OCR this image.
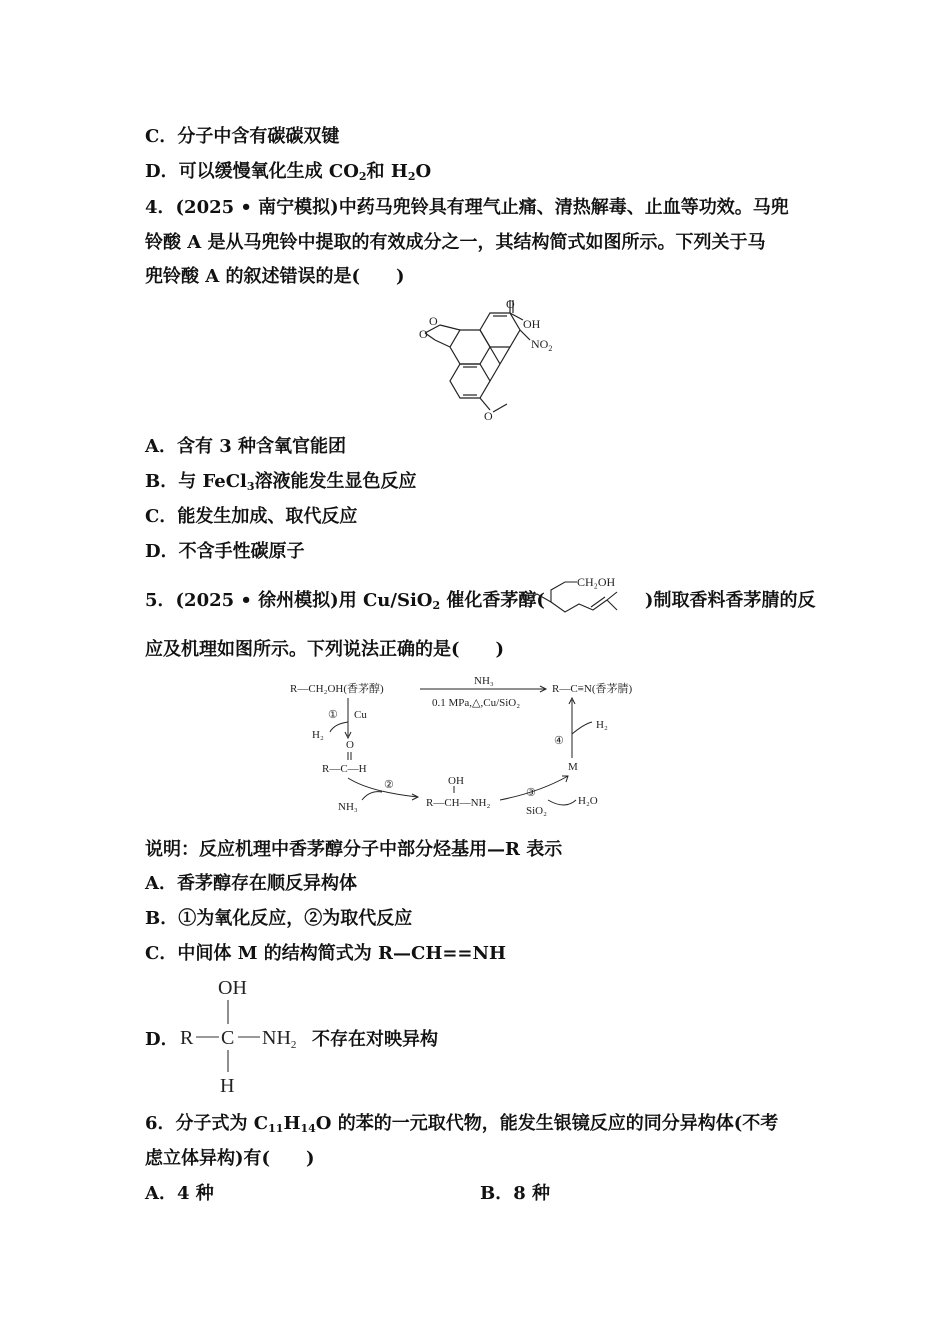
C．分子中含有碳碳双键
D．可以缓慢氧化生成 $CO_2$和 $H_2O$
4．(2025 • 南宁模拟)中药马兜铃具有理气止痛、清热解毒、止血等功效。马兜
铃酸 A 是从马兜铃中提取的有效成分之一，其结构简式如图所示。下列关于马
兜铃酸 A 的叙述错误的是(　　)
O
O
O
O
OH
$NO_2$
A．含有 3 种含氧官能团
B．与 FeCl$_3$溶液能发生显色反应
C．能发生加成、取代反应
D．不含手性碳原子
5．(2025 • 徐州模拟)用 Cu/SiO$_2$ 催化香茅醇(	)制取香料香茅腈的反
CH₂OH
应及机理如图所示。下列说法正确的是(　　)
R—CH₂OH(香茅醇)
NH₃
0.1 MPa,△,Cu/SiO₂
R—C≡N(香茅腈)
① Cu
H₂
O
R—C—H
②
NH₃
OH
R—CH—NH₂
③
SiO₂
H₂O
M
④
H₂
说明：反应机理中香茅醇分子中部分烃基用—R 表示
A．香茅醇存在顺反异构体
B．①为氧化反应，②为取代反应
C．中间体 M 的结构简式为 R—CH==NH
D．
OH
R C $NH_2$
H
不存在对映异构
6．分子式为 $C_{11}H_{14}O$ 的苯的一元取代物，能发生银镜反应的同分异构体(不考
虑立体异构)有(　　)
A．4 种	B．8 种
